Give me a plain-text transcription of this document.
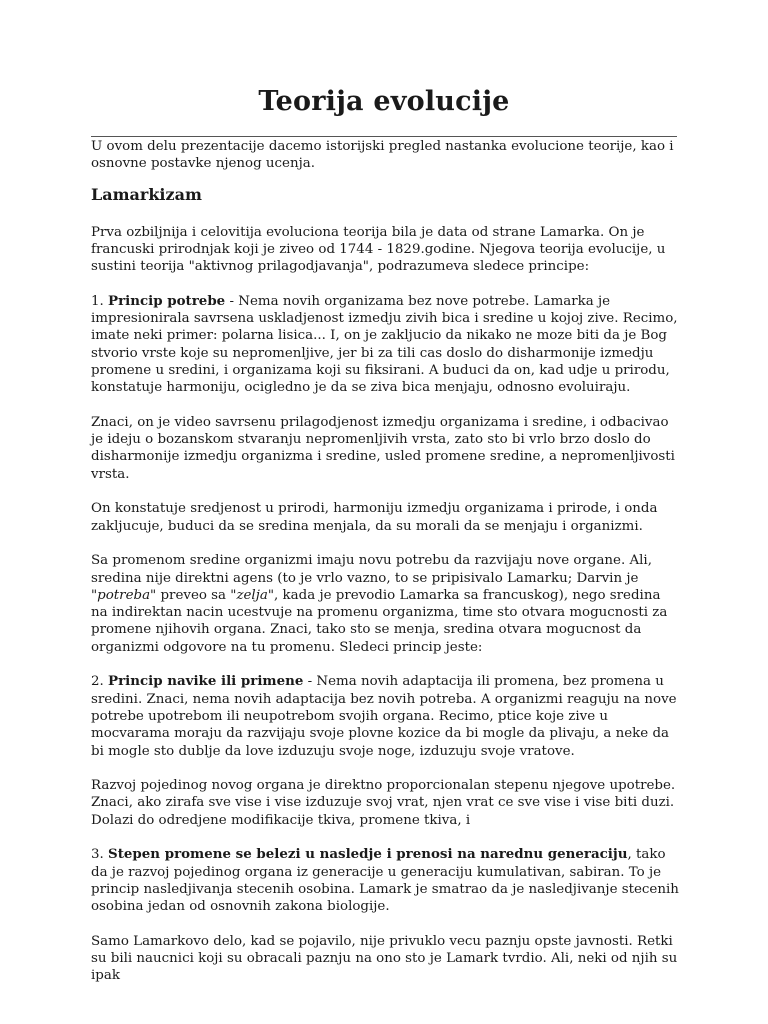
Teorija evolucije

U ovom delu prezentacije dacemo istorijski pregled nastanka evolucione teorije, kao i osnovne postavke njenog ucenja.

Lamarkizam

Prva ozbiljnija i celovitija evoluciona teorija bila je data od strane Lamarka. On je francuski prirodnjak koji je ziveo od 1744 - 1829.godine. Njegova teorija evolucije, u sustini teorija "aktivnog prilagodjavanja", podrazumeva sledece principe:

1. Princip potrebe - Nema novih organizama bez nove potrebe. Lamarka je impresionirala savrsena uskladjenost izmedju zivih bica i sredine u kojoj zive. Recimo, imate neki primer: polarna lisica... I, on je zakljucio da nikako ne moze biti da je Bog stvorio vrste koje su nepromenljive, jer bi za tili cas doslo do disharmonije izmedju promene u sredini, i organizama koji su fiksirani. A buduci da on, kad udje u prirodu, konstatuje harmoniju, ocigledno je da se ziva bica menjaju, odnosno evoluiraju.

Znaci, on je video savrsenu prilagodjenost izmedju organizama i sredine, i odbacivao je ideju o bozanskom stvaranju nepromenljivih vrsta, zato sto bi vrlo brzo doslo do disharmonije izmedju organizma i sredine, usled promene sredine, a nepromenljivosti vrsta.

On konstatuje sredjenost u prirodi, harmoniju izmedju organizama i prirode, i onda zakljucuje, buduci da se sredina menjala, da su morali da se menjaju i organizmi.

Sa promenom sredine organizmi imaju novu potrebu da razvijaju nove organe. Ali, sredina nije direktni agens (to je vrlo vazno, to se pripisivalo Lamarku; Darvin je "potreba" preveo sa "zelja", kada je prevodio Lamarka sa francuskog), nego sredina na indirektan nacin ucestvuje na promenu organizma, time sto otvara mogucnosti za promene njihovih organa. Znaci, tako sto se menja, sredina otvara mogucnost da organizmi odgovore na tu promenu. Sledeci princip jeste:

2. Princip navike ili primene - Nema novih adaptacija ili promena, bez promena u sredini. Znaci, nema novih adaptacija bez novih potreba. A organizmi reaguju na nove potrebe upotrebom ili neupotrebom svojih organa. Recimo, ptice koje zive u mocvarama moraju da razvijaju svoje plovne kozice da bi mogle da plivaju, a neke da bi mogle sto dublje da love izduzuju svoje noge, izduzuju svoje vratove.

Razvoj pojedinog novog organa je direktno proporcionalan stepenu njegove upotrebe. Znaci, ako zirafa sve vise i vise izduzuje svoj vrat, njen vrat ce sve vise i vise biti duzi. Dolazi do odredjene modifikacije tkiva, promene tkiva, i

3. Stepen promene se belezi u nasledje i prenosi na narednu generaciju, tako da je razvoj pojedinog organa iz generacije u generaciju kumulativan, sabiran. To je princip nasledjivanja stecenih osobina. Lamark je smatrao da je nasledjivanje stecenih osobina jedan od osnovnih zakona biologije.

Samo Lamarkovo delo, kad se pojavilo, nije privuklo vecu paznju opste javnosti. Retki su bili naucnici koji su obracali paznju na ono sto je Lamark tvrdio. Ali, neki od njih su ipak
